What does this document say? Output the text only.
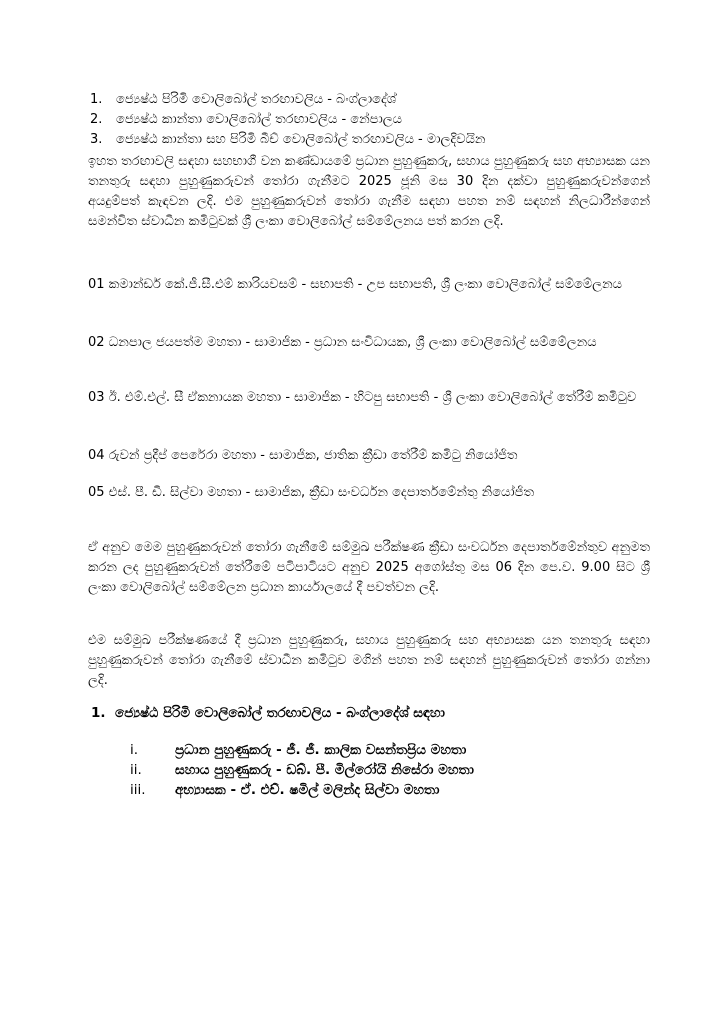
1.	ජ්‍යෙෂ්ඨ පිරිමි වොලිබෝල් තරඟාවලිය - බංග්ලාදේශ්
2.	ජ්‍යෙෂ්ඨ කාන්තා වොලිබෝල් තරඟාවලිය - නේපාලය
3.	ජ්‍යෙෂ්ඨ කාන්තා සහ පිරිමි බීච් වොලිබෝල් තරඟාවලිය - මාලදිවයින

ඉහත තරඟාවලි සඳහා සහභාගී වන කණ්ඩායමේ ප්‍රධාන පුහුණුකරු, සහාය පුහුණුකරු සහ අභ්‍යාසක යන තනතුරු සඳහා පුහුණුකරුවන් තෝරා ගැනීමට 2025 ජූනි මස 30 දින දක්වා පුහුණුකරුවන්ගෙන් අයදුම්පත් කැඳවන ලදි. එම පුහුණුකරුවන් තෝරා ගැනීම සඳහා පහත නම් සඳහන් නිලධාරීන්ගෙන් සමන්විත ස්වාධීන කමිටුවක් ශ්‍රී ලංකා වොලිබෝල් සම්මේලනය පත් කරන ලදි.

01 කමාන්ඩර් කේ.ජී.සී.එම් කාරියවසම් - සභාපති - උප සභාපති, ශ්‍රී ලංකා වොලිබෝල් සම්මේලනය

02 ධනපාල ජයපත්ම මහතා - සාමාජික - ප්‍රධාන සංවිධායක, ශ්‍රී ලංකා වොලිබෝල් සම්මේලනය

03 ඊ. එම්.එල්. සී ඒකනායක මහතා - සාමාජික - හිටපු සභාපති - ශ්‍රී ලංකා වොලිබෝල් තේරීම් කමිටුව

04 රුවන් ප්‍රදීප් පෙරේරා මහතා - සාමාජික, ජාතික ක්‍රීඩා තේරීම් කමිටු නියෝජිත

05 එස්. පී. ඩී. සිල්වා මහතා - සාමාජික, ක්‍රීඩා සංවර්ධන දෙපාර්තමේන්තු නියෝජිත

ඒ අනුව මෙම පුහුණුකරුවන් තෝරා ගැනීමේ සම්මුඛ පරීක්ෂණ ක්‍රීඩා සංවර්ධන දෙපාර්තමේන්තුව අනුමත කරන ලද පුහුණුකරුවන් තේරීමේ පටිපාටියට අනුව 2025 අගෝස්තු මස 06 දින පෙ.ව. 9.00 සිට ශ්‍රී ලංකා වොලිබෝල් සම්මේලන ප්‍රධාන කාර්යාලයේ දී පවත්වන ලදි.

එම සම්මුඛ පරීක්ෂණයේ දී ප්‍රධාන පුහුණුකරු, සහාය පුහුණුකරු සහ අභ්‍යාසක යන තනතුරු සඳහා පුහුණුකරුවන් තෝරා ගැනීමේ ස්වාධීන කමිටුව මගින් පහත නම් සඳහන් පුහුණුකරුවන් තෝරා ගන්නා ලදි.

1. ජ්‍යෙෂ්ඨ පිරිමි වොලිබෝල් තරඟාවලිය - බංග්ලාදේශ් සඳහා
i.	ප්‍රධාන පුහුණුකරු - ජී. ජී. කාලික වසන්තප්‍රිය මහතා
ii.	සහාය පුහුණුකරු - ඩබ්. පී. මිල්රෝයි නිසේරා මහතා
iii.	අභ්‍යාසක - ඒ. එච්. ෂමිල් මලින්ද සිල්වා මහතා
